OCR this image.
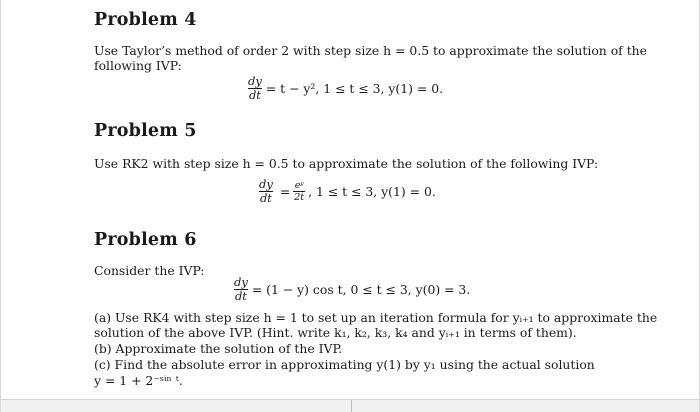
Problem 4
Use Taylor’s method of order 2 with step size h = 0.5 to approximate the solution of the
following IVP:
$\frac{dy}{dt} = t - y^2$, 1 ≤ t ≤ 3, y(1) = 0.
Problem 5
Use RK2 with step size h = 0.5 to approximate the solution of the following IVP:
$\frac{dy}{dt} = \frac{\text{eʸ}}{2t}$ , 1 ≤ t ≤ 3, y(1) = 0.
Problem 6
Consider the IVP:
$\frac{dy}{dt} = (1 - y)$ cos t, 0 ≤ t ≤ 3, y(0) = 3.
(a) Use RK4 with step size h = 1 to set up an iteration formula for yᵢ₊₁ to approximate the
solution of the above IVP. (Hint. write k₁, k₂, k₃, k₄ and yᵢ₊₁ in terms of them).
(b) Approximate the solution of the IVP.
(c) Find the absolute error in approximating y(1) by y₁ using the actual solution
y = 1 + 2⁻ˢⁱⁿ ᵗ.
